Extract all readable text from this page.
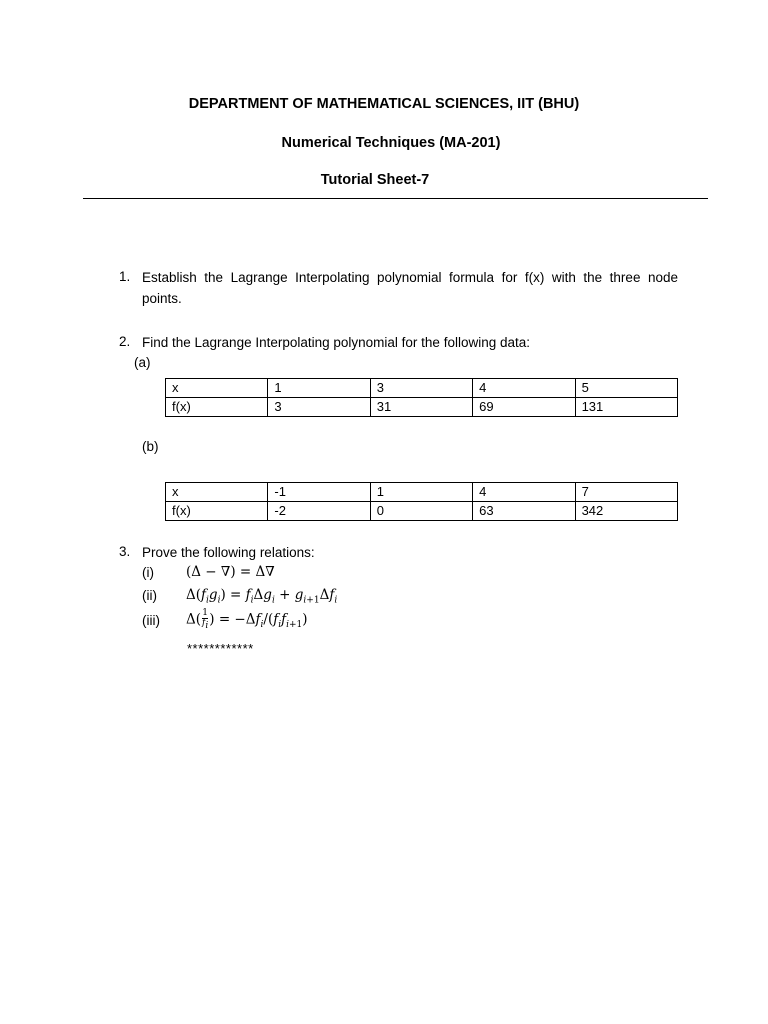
DEPARTMENT OF MATHEMATICAL SCIENCES, IIT (BHU)
Numerical Techniques (MA-201)
Tutorial Sheet-7
1. Establish the Lagrange Interpolating polynomial formula for f(x) with the three node points.
2. Find the Lagrange Interpolating polynomial for the following data:
(a)
x	1	3	4	5
f(x)	3	31	69	131
(b)
x	-1	1	4	7
f(x)	-2	0	63	342
3. Prove the following relations:
(i) (Δ − ∇) = Δ∇
(ii) $\Delta(f_ig_i) = f_i\Delta g_i + g_{i+1}\Delta f_i$
(iii) $\Delta( \frac{1}{f_i}$ ) = $-\Delta f_i/(f_if_{i+1})$
************
